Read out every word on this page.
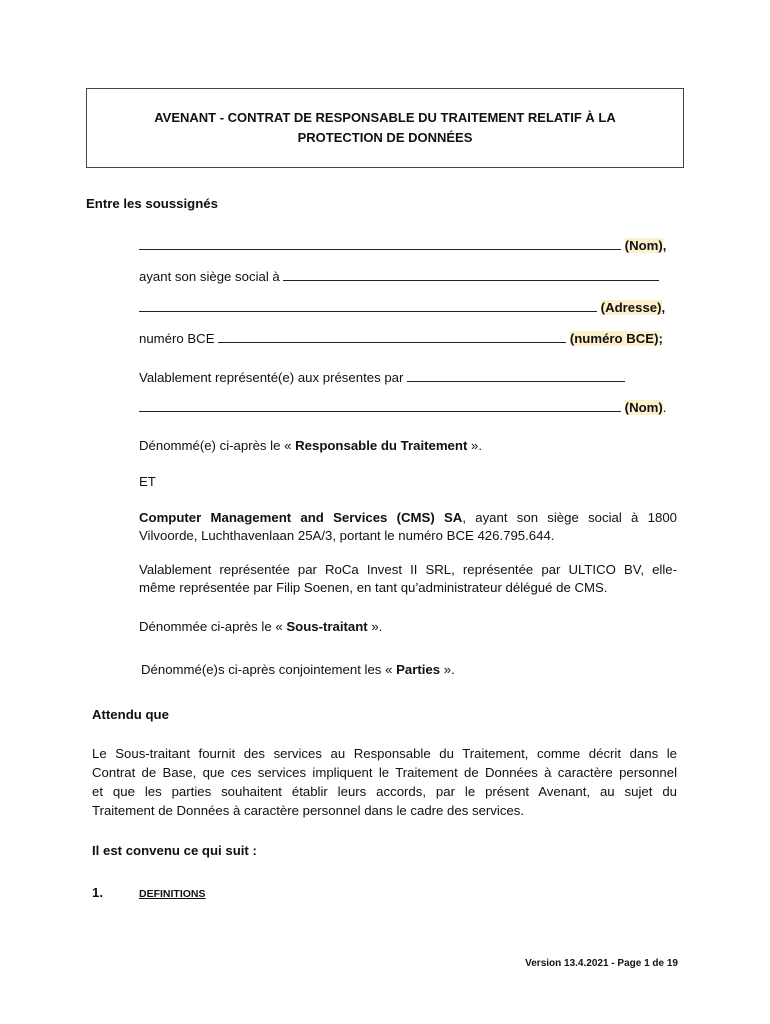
AVENANT - CONTRAT DE RESPONSABLE DU TRAITEMENT RELATIF À LA
PROTECTION DE DONNÉES
Entre les soussignés
(Nom),
ayant son siège social à
(Adresse),
numéro BCE	(numéro BCE);
Valablement représenté(e) aux présentes par
(Nom).
Dénommé(e) ci-après le « Responsable du Traitement ».
ET
Computer Management and Services (CMS) SA, ayant son siège social à 1800
Vilvoorde, Luchthavenlaan 25A/3, portant le numéro BCE 426.795.644.
Valablement représentée par RoCa Invest II SRL, représentée par ULTICO BV, elle-
même représentée par Filip Soenen, en tant qu’administrateur délégué de CMS.
Dénommée ci-après le « Sous-traitant ».
Dénommé(e)s ci-après conjointement les « Parties ».
Attendu que
Le Sous-traitant fournit des services au Responsable du Traitement, comme décrit dans le
Contrat de Base, que ces services impliquent le Traitement de Données à caractère personnel
et que les parties souhaitent établir leurs accords, par le présent Avenant, au sujet du
Traitement de Données à caractère personnel dans le cadre des services.
Il est convenu ce qui suit :
1.	DEFINITIONS
Version 13.4.2021 - Page 1 de 19
